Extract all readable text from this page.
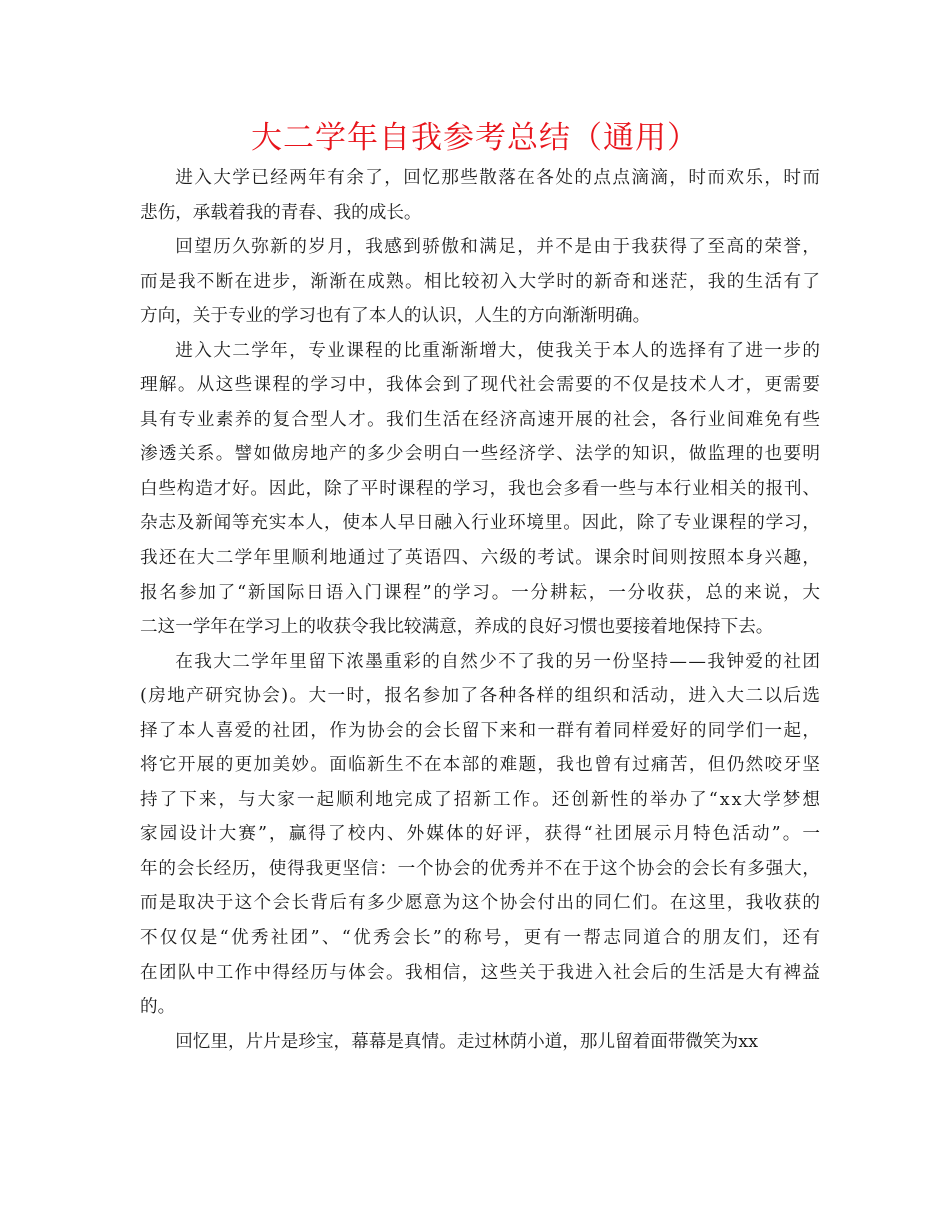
大二学年自我参考总结（通用）

进入大学已经两年有余了，回忆那些散落在各处的点点滴滴，时而欢乐，时而
悲伤，承载着我的青春、我的成长。

回望历久弥新的岁月，我感到骄傲和满足，并不是由于我获得了至高的荣誉，
而是我不断在进步，渐渐在成熟。相比较初入大学时的新奇和迷茫，我的生活有了
方向，关于专业的学习也有了本人的认识，人生的方向渐渐明确。

进入大二学年，专业课程的比重渐渐增大，使我关于本人的选择有了进一步的
理解。从这些课程的学习中，我体会到了现代社会需要的不仅是技术人才，更需要
具有专业素养的复合型人才。我们生活在经济高速开展的社会，各行业间难免有些
渗透关系。譬如做房地产的多少会明白一些经济学、法学的知识，做监理的也要明
白些构造才好。因此，除了平时课程的学习，我也会多看一些与本行业相关的报刊、
杂志及新闻等充实本人，使本人早日融入行业环境里。因此，除了专业课程的学习，
我还在大二学年里顺利地通过了英语四、六级的考试。课余时间则按照本身兴趣，
报名参加了“新国际日语入门课程”的学习。一分耕耘，一分收获，总的来说，大
二这一学年在学习上的收获令我比较满意，养成的良好习惯也要接着地保持下去。

在我大二学年里留下浓墨重彩的自然少不了我的另一份坚持——我钟爱的社团
(房地产研究协会)。大一时，报名参加了各种各样的组织和活动，进入大二以后选
择了本人喜爱的社团，作为协会的会长留下来和一群有着同样爱好的同学们一起，
将它开展的更加美妙。面临新生不在本部的难题，我也曾有过痛苦，但仍然咬牙坚
持了下来，与大家一起顺利地完成了招新工作。还创新性的举办了“xx大学梦想
家园设计大赛”，赢得了校内、外媒体的好评，获得“社团展示月特色活动”。一
年的会长经历，使得我更坚信：一个协会的优秀并不在于这个协会的会长有多强大，
而是取决于这个会长背后有多少愿意为这个协会付出的同仁们。在这里，我收获的
不仅仅是“优秀社团”、“优秀会长”的称号，更有一帮志同道合的朋友们，还有
在团队中工作中得经历与体会。我相信，这些关于我进入社会后的生活是大有裨益
的。

回忆里，片片是珍宝，幕幕是真情。走过林荫小道，那儿留着面带微笑为xx
